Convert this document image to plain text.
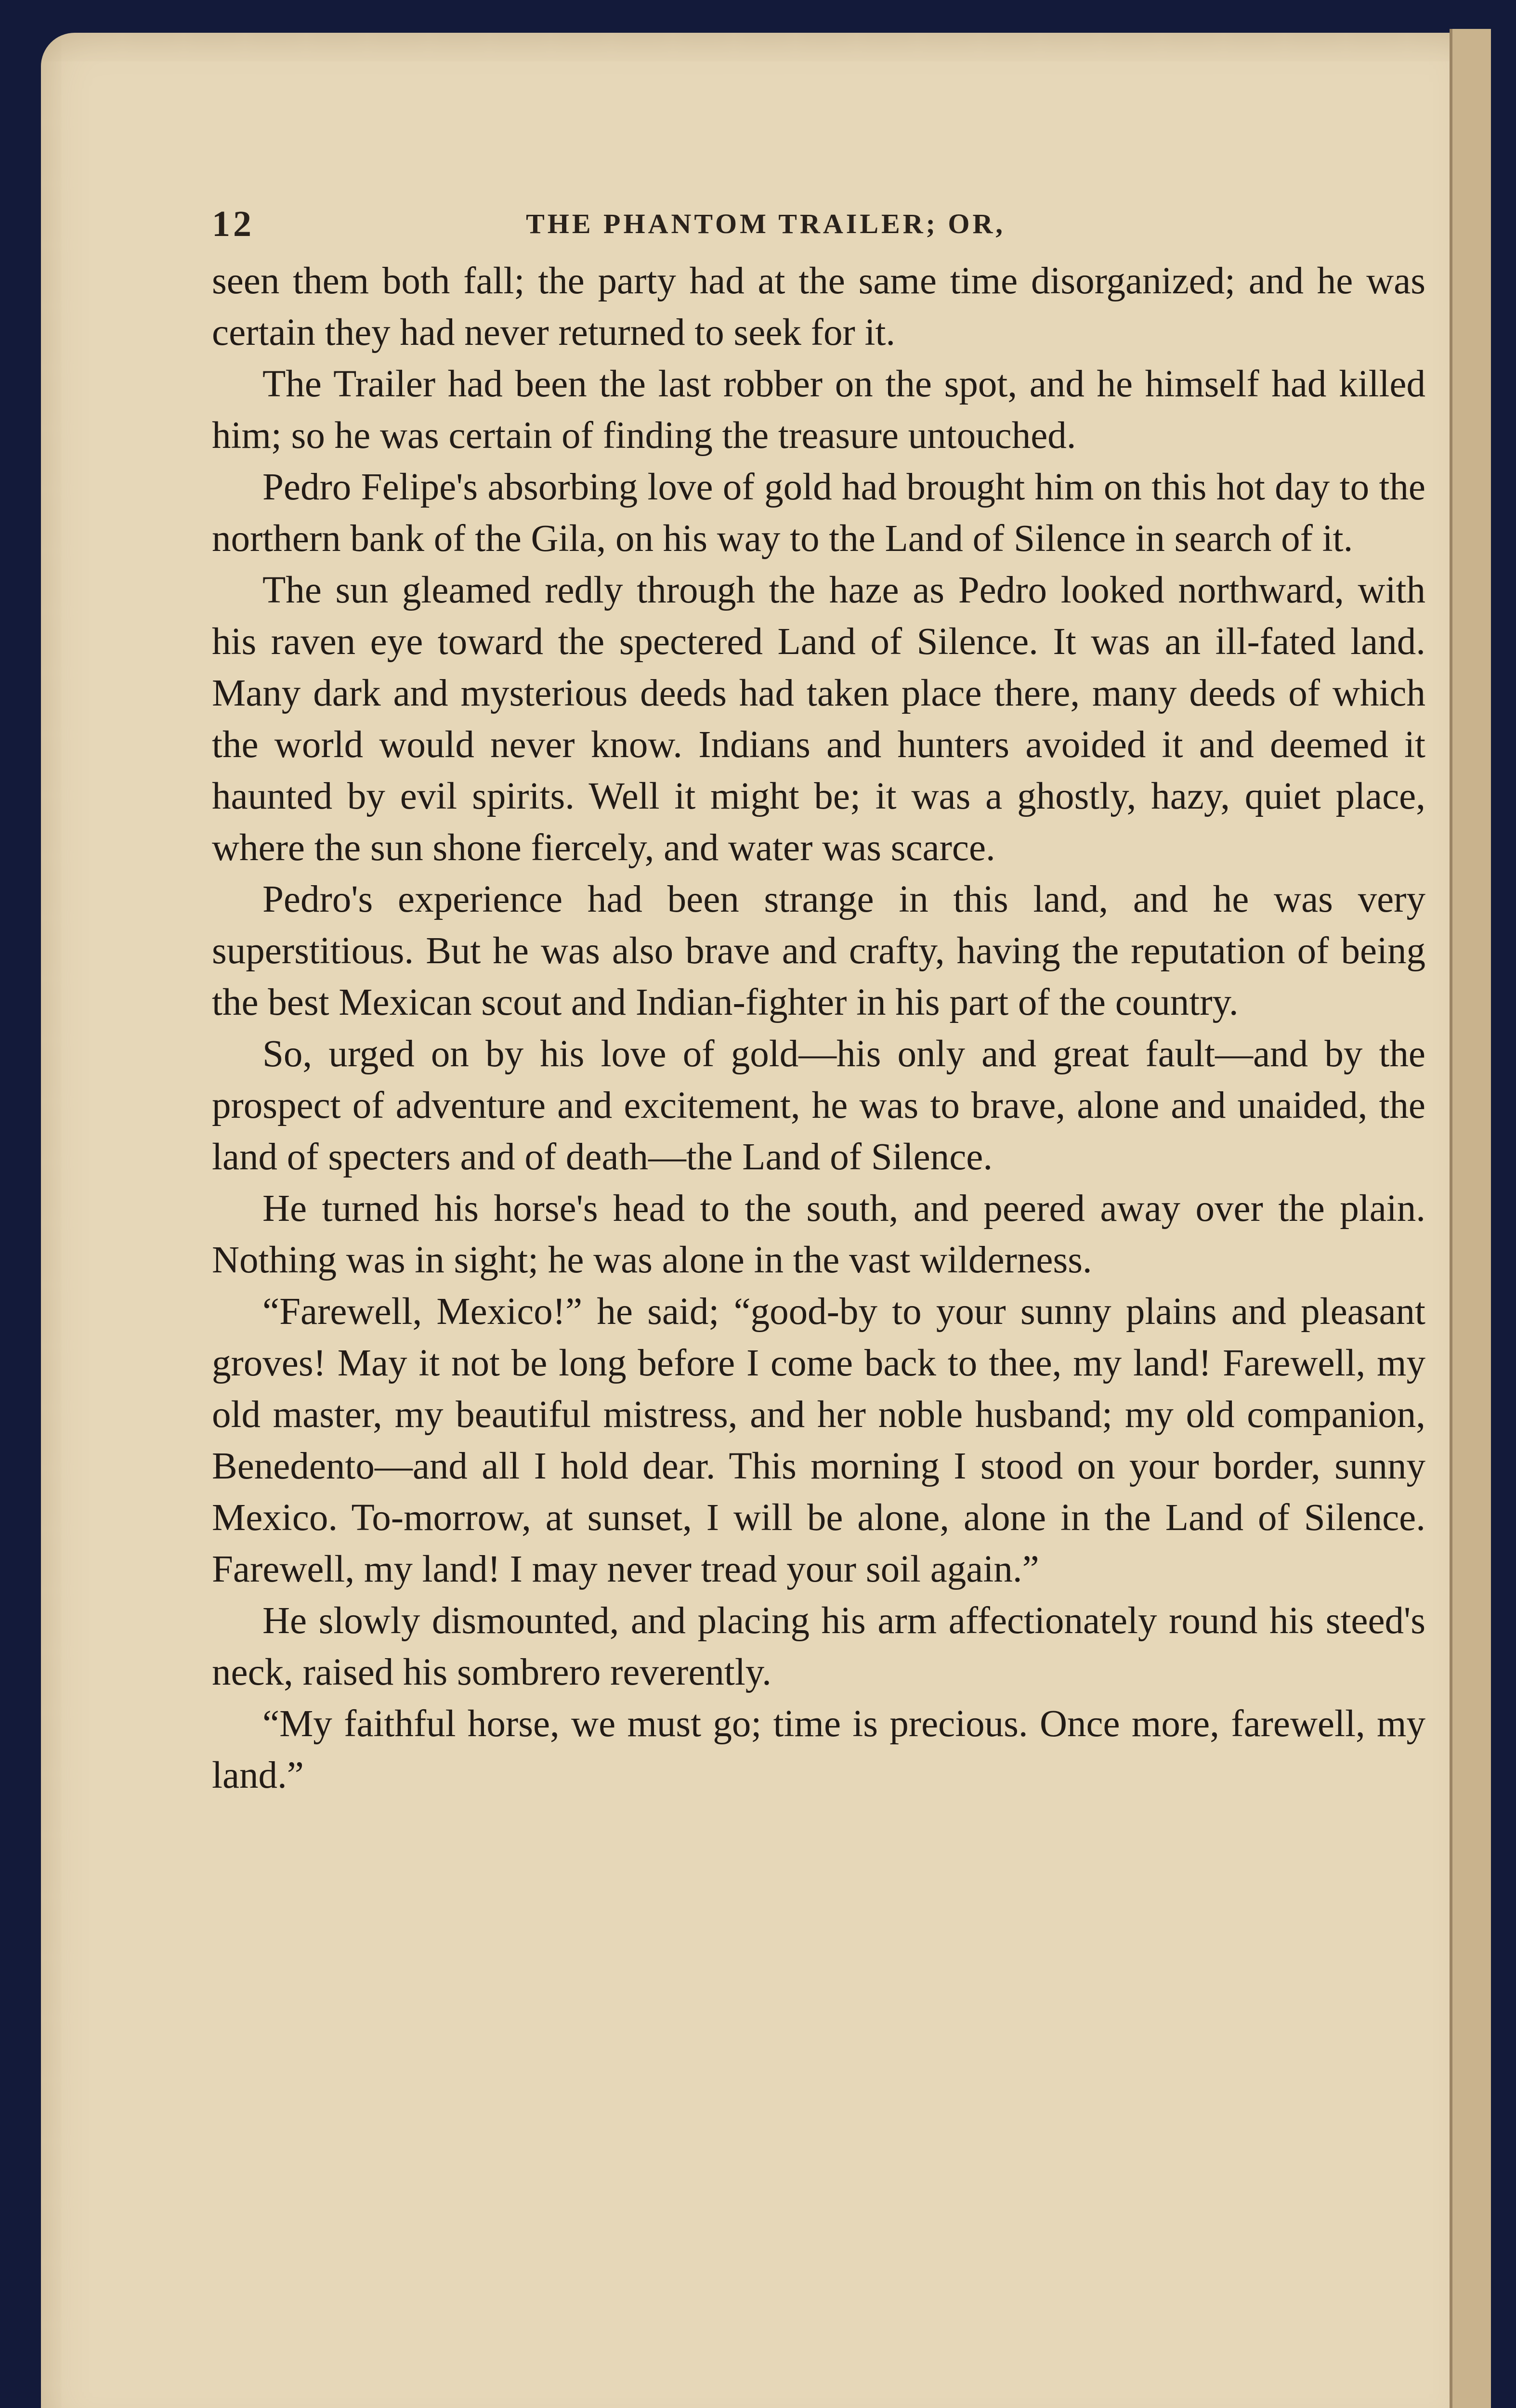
12	THE PHANTOM TRAILER; OR,

seen them both fall; the party had at the same time disorganized; and he was certain they had never returned to seek for it.

The Trailer had been the last robber on the spot, and he himself had killed him; so he was certain of finding the treasure untouched.

Pedro Felipe's absorbing love of gold had brought him on this hot day to the northern bank of the Gila, on his way to the Land of Silence in search of it.

The sun gleamed redly through the haze as Pedro looked northward, with his raven eye toward the spectered Land of Silence. It was an ill-fated land. Many dark and mysterious deeds had taken place there, many deeds of which the world would never know. Indians and hunters avoided it and deemed it haunted by evil spirits. Well it might be; it was a ghostly, hazy, quiet place, where the sun shone fiercely, and water was scarce.

Pedro's experience had been strange in this land, and he was very superstitious. But he was also brave and crafty, having the reputation of being the best Mexican scout and Indian-fighter in his part of the country.

So, urged on by his love of gold—his only and great fault—and by the prospect of adventure and excitement, he was to brave, alone and unaided, the land of specters and of death—the Land of Silence.

He turned his horse's head to the south, and peered away over the plain. Nothing was in sight; he was alone in the vast wilderness.

“Farewell, Mexico!” he said; “good-by to your sunny plains and pleasant groves! May it not be long before I come back to thee, my land! Farewell, my old master, my beautiful mistress, and her noble husband; my old companion, Benedento—and all I hold dear. This morning I stood on your border, sunny Mexico. To-morrow, at sunset, I will be alone, alone in the Land of Silence. Farewell, my land! I may never tread your soil again.”

He slowly dismounted, and placing his arm affectionately round his steed's neck, raised his sombrero reverently.

“My faithful horse, we must go; time is precious. Once more, farewell, my land.”
